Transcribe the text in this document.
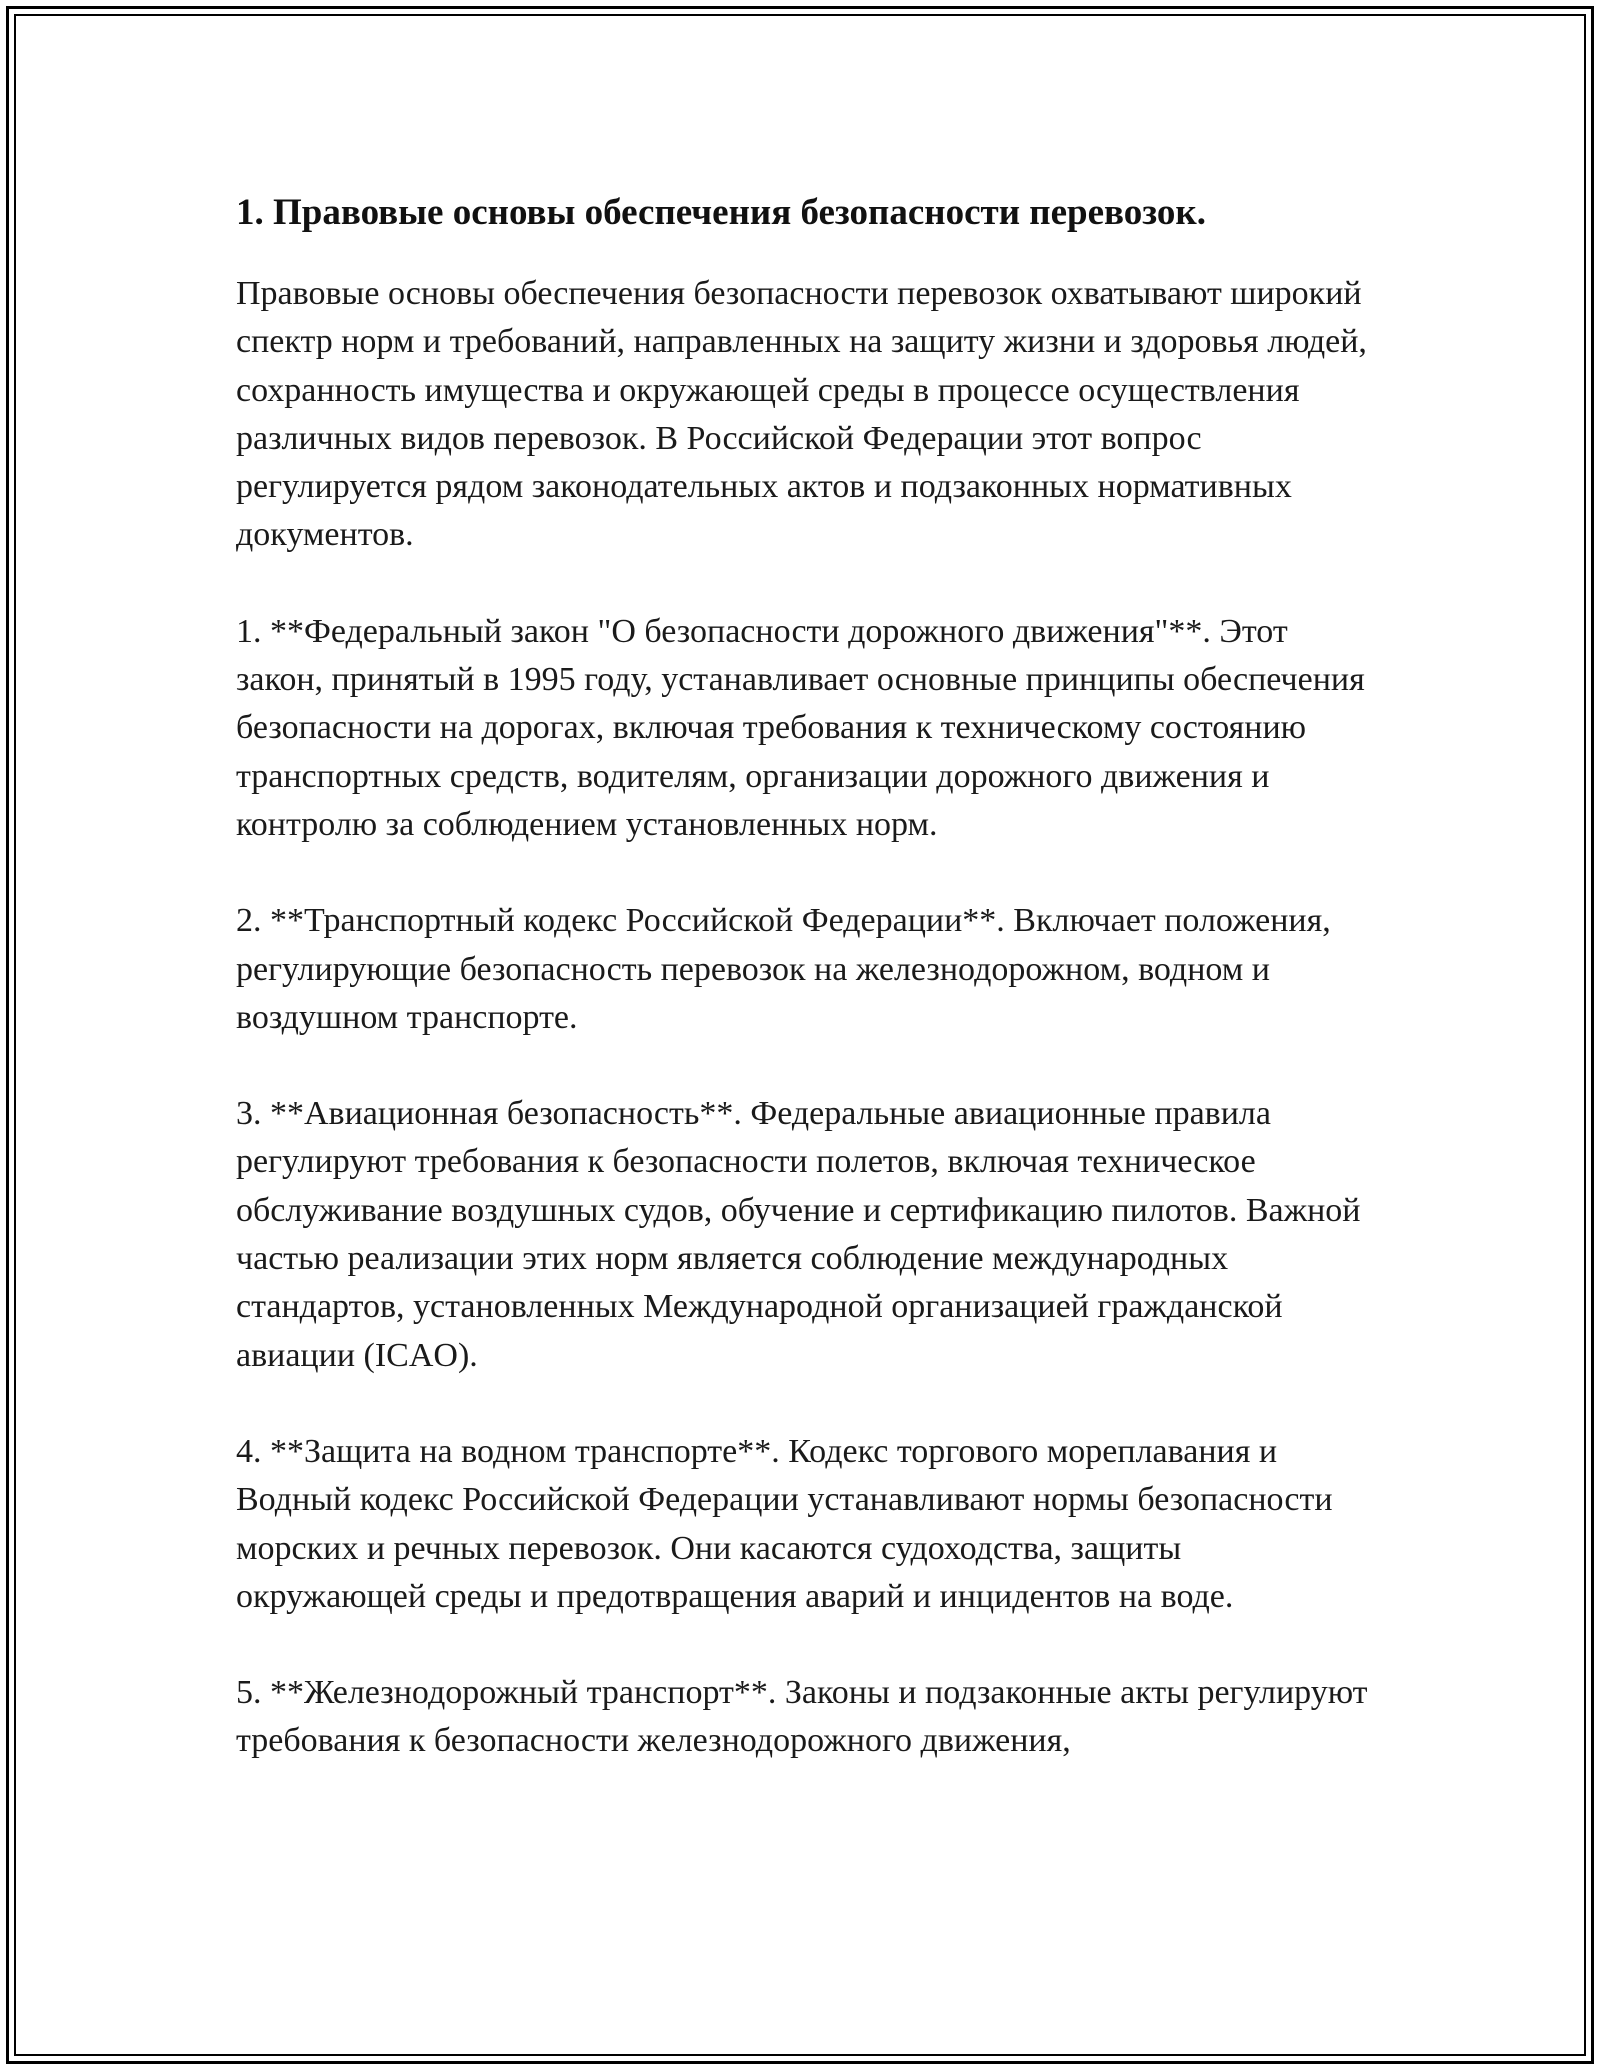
1. Правовые основы обеспечения безопасности перевозок.

Правовые основы обеспечения безопасности перевозок охватывают широкий спектр норм и требований, направленных на защиту жизни и здоровья людей, сохранность имущества и окружающей среды в процессе осуществления различных видов перевозок. В Российской Федерации этот вопрос регулируется рядом законодательных актов и подзаконных нормативных документов.

1. **Федеральный закон "О безопасности дорожного движения"**. Этот закон, принятый в 1995 году, устанавливает основные принципы обеспечения безопасности на дорогах, включая требования к техническому состоянию транспортных средств, водителям, организации дорожного движения и контролю за соблюдением установленных норм.

2. **Транспортный кодекс Российской Федерации**. Включает положения, регулирующие безопасность перевозок на железнодорожном, водном и воздушном транспорте.

3. **Авиационная безопасность**. Федеральные авиационные правила регулируют требования к безопасности полетов, включая техническое обслуживание воздушных судов, обучение и сертификацию пилотов. Важной частью реализации этих норм является соблюдение международных стандартов, установленных Международной организацией гражданской авиации (ICAO).

4. **Защита на водном транспорте**. Кодекс торгового мореплавания и Водный кодекс Российской Федерации устанавливают нормы безопасности морских и речных перевозок. Они касаются судоходства, защиты окружающей среды и предотвращения аварий и инцидентов на воде.

5. **Железнодорожный транспорт**. Законы и подзаконные акты регулируют требования к безопасности железнодорожного движения,
